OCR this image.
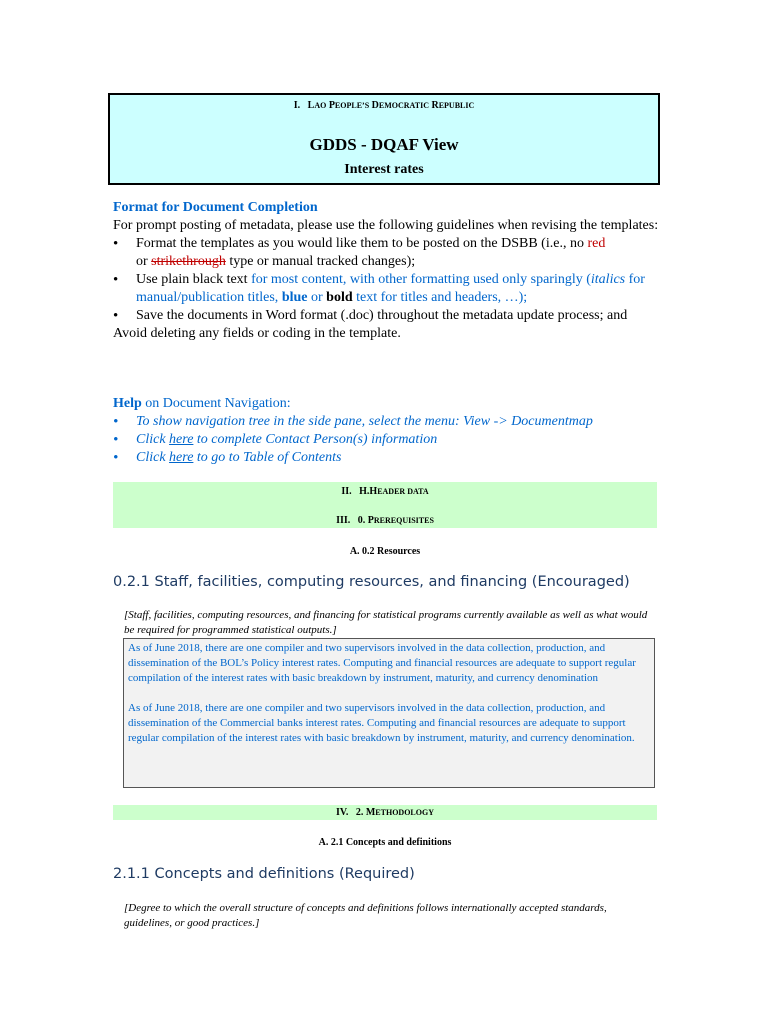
I. LAO PEOPLE’S DEMOCRATIC REPUBLIC
GDDS - DQAF View
Interest rates
Format for Document Completion
For prompt posting of metadata, please use the following guidelines when revising the templates:
• Format the templates as you would like them to be posted on the DSBB (i.e., no red
or strikethrough type or manual tracked changes);
• Use plain black text for most content, with other formatting used only sparingly (italics for manual/publication titles, blue or bold text for titles and headers, …);
• Save the documents in Word format (.doc) throughout the metadata update process; and
Avoid deleting any fields or coding in the template.
Help on Document Navigation:
• To show navigation tree in the side pane, select the menu: View -> Documentmap
• Click here to complete Contact Person(s) information
• Click here to go to Table of Contents
II. H.HEADER DATA
III. 0. PREREQUISITES
A. 0.2 Resources
0.2.1 Staff, facilities, computing resources, and financing (Encouraged)
[Staff, facilities, computing resources, and financing for statistical programs currently available as well as what would be required for programmed statistical outputs.]

As of June 2018, there are one compiler and two supervisors involved in the data collection, production, and dissemination of the BOL’s Policy interest rates. Computing and financial resources are adequate to support regular compilation of the interest rates with basic breakdown by instrument, maturity, and currency denomination

As of June 2018, there are one compiler and two supervisors involved in the data collection, production, and dissemination of the Commercial banks interest rates. Computing and financial resources are adequate to support regular compilation of the interest rates with basic breakdown by instrument, maturity, and currency denomination.

IV. 2. METHODOLOGY
A. 2.1 Concepts and definitions
2.1.1 Concepts and definitions (Required)
[Degree to which the overall structure of concepts and definitions follows internationally accepted standards, guidelines, or good practices.]
